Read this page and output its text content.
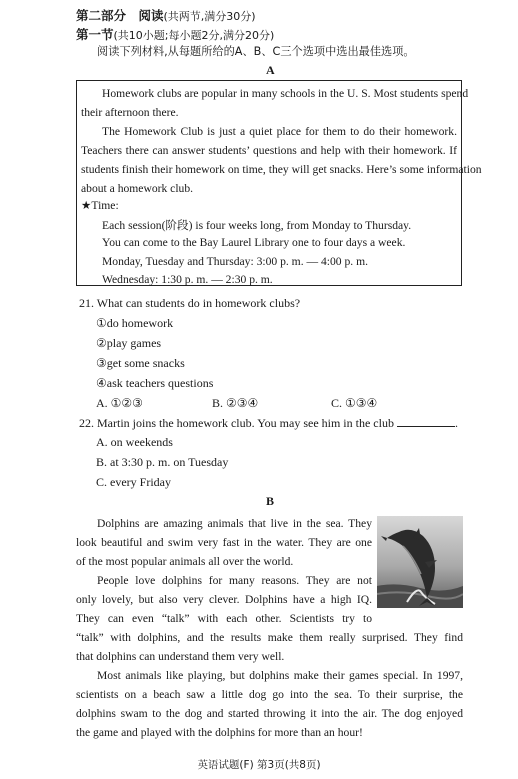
第二部分　阅读(共两节,满分30分)
第一节(共10小题;每小题2分,满分20分)
阅读下列材料,从每题所给的A、B、C三个选项中选出最佳选项。
A
Homework clubs are popular in many schools in the U. S. Most students spend
their afternoon there.
The Homework Club is just a quiet place for them to do their homework.
Teachers there can answer students’ questions and help with their homework. If
students finish their homework on time, they will get snacks. Here’s some information
about a homework club.
★Time:
Each session(阶段) is four weeks long, from Monday to Thursday.
You can come to the Bay Laurel Library one to four days a week.
Monday, Tuesday and Thursday: 3:00 p. m. — 4:00 p. m.
Wednesday: 1:30 p. m. — 2:30 p. m.
21. What can students do in homework clubs?
①do homework
②play games
③get some snacks
④ask teachers questions
A. ①②③	B. ②③④	C. ①③④
22. Martin joins the homework club. You may see him in the club	.
A. on weekends
B. at 3:30 p. m. on Tuesday
C. every Friday
B
Dolphins are amazing animals that live in the sea. They
look beautiful and swim very fast in the water. They are one
of the most popular animals all over the world.
People love dolphins for many reasons. They are not
only lovely, but also very clever. Dolphins have a high IQ.
They can even “talk” with each other. Scientists try to
“talk” with dolphins, and the results make them really surprised. They find
that dolphins can understand them very well.
Most animals like playing, but dolphins make their games special. In 1997,
scientists on a beach saw a little dog go into the sea. To their surprise, the
dolphins swam to the dog and started throwing it into the air. The dog enjoyed
the game and played with the dolphins for more than an hour!
英语试题(F) 第3页(共8页)
